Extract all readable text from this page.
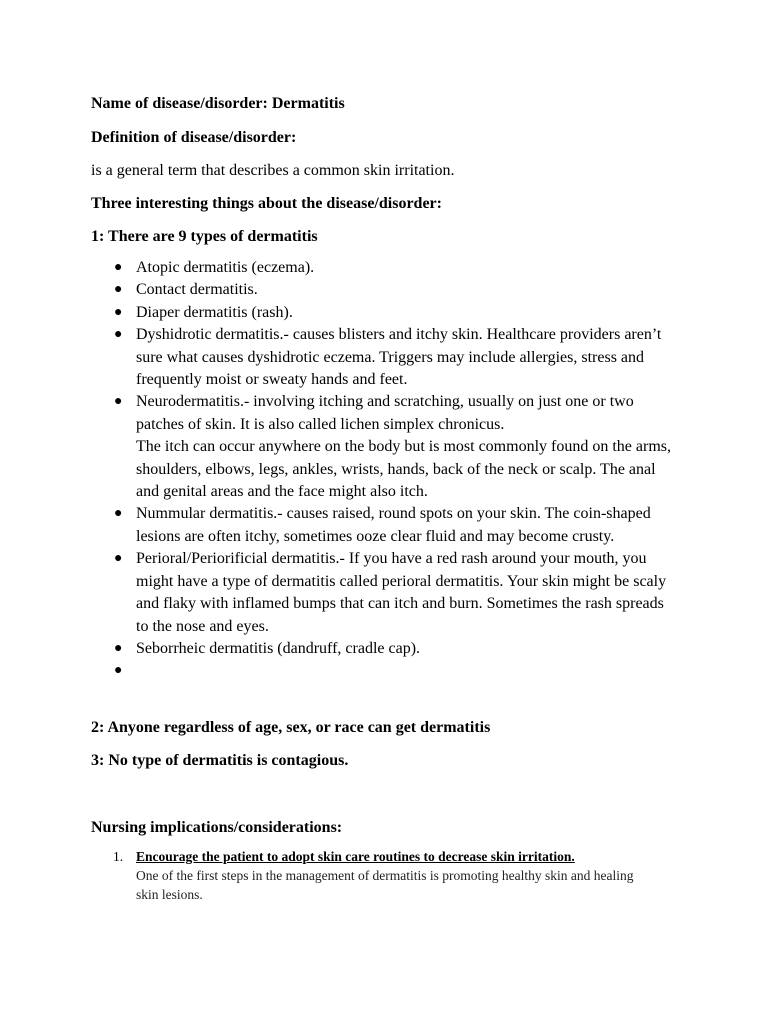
Name of disease/disorder: Dermatitis

Definition of disease/disorder:

is a general term that describes a common skin irritation.

Three interesting things about the disease/disorder:

1: There are 9 types of dermatitis

● Atopic dermatitis (eczema).
● Contact dermatitis.
● Diaper dermatitis (rash).
● Dyshidrotic dermatitis.- causes blisters and itchy skin. Healthcare providers aren’t sure what causes dyshidrotic eczema. Triggers may include allergies, stress and frequently moist or sweaty hands and feet.
● Neurodermatitis.- involving itching and scratching, usually on just one or two patches of skin. It is also called lichen simplex chronicus.
The itch can occur anywhere on the body but is most commonly found on the arms, shoulders, elbows, legs, ankles, wrists, hands, back of the neck or scalp. The anal and genital areas and the face might also itch.
● Nummular dermatitis.- causes raised, round spots on your skin. The coin-shaped lesions are often itchy, sometimes ooze clear fluid and may become crusty.
● Perioral/Periorificial dermatitis.- If you have a red rash around your mouth, you might have a type of dermatitis called perioral dermatitis. Your skin might be scaly and flaky with inflamed bumps that can itch and burn. Sometimes the rash spreads to the nose and eyes.
● Seborrheic dermatitis (dandruff, cradle cap).
●

2: Anyone regardless of age, sex, or race can get dermatitis

3: No type of dermatitis is contagious.

Nursing implications/considerations:

1. Encourage the patient to adopt skin care routines to decrease skin irritation.
One of the first steps in the management of dermatitis is promoting healthy skin and healing skin lesions.
